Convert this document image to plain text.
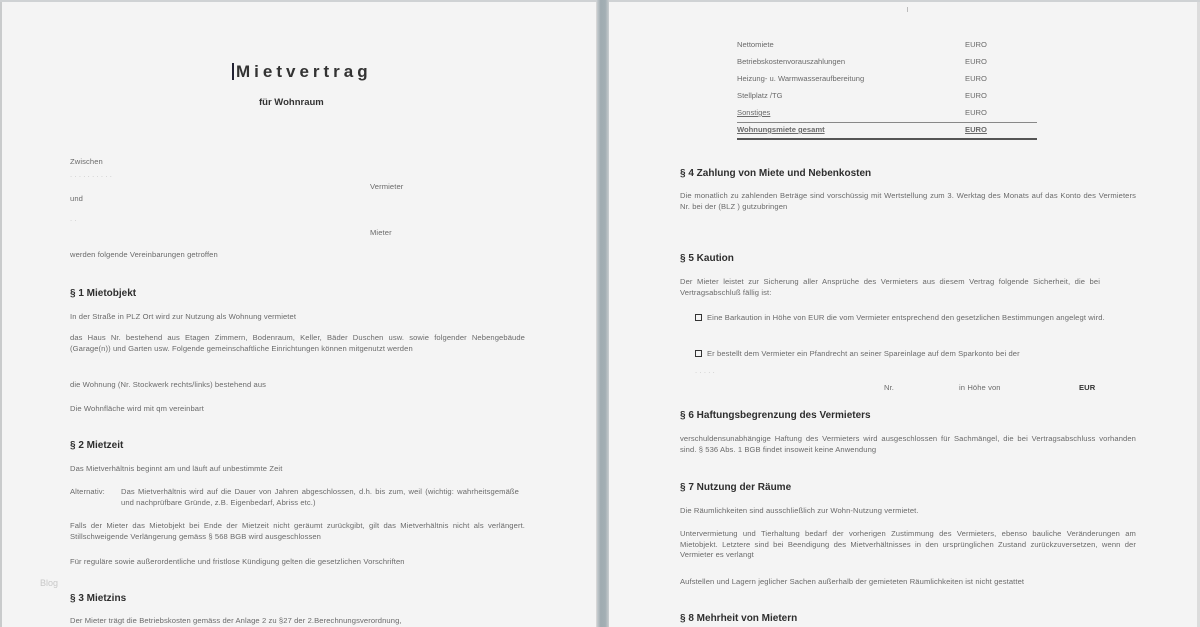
Mietvertrag
für Wohnraum
Zwischen
. . . . . . . . . .
Vermieter
und
. .
Mieter
werden folgende Vereinbarungen getroffen
§ 1 Mietobjekt
In der Straße in PLZ Ort wird zur Nutzung als Wohnung vermietet
das Haus Nr. bestehend aus Etagen Zimmern, Bodenraum, Keller, Bäder Duschen usw. sowie folgender Nebengebäude (Garage(n)) und Garten usw. Folgende gemeinschaftliche Einrichtungen können mitgenutzt werden
die Wohnung (Nr. Stockwerk rechts/links) bestehend aus
Die Wohnfläche wird mit qm vereinbart
§ 2 Mietzeit
Das Mietverhältnis beginnt am und läuft auf unbestimmte Zeit
Alternativ: Das Mietverhältnis wird auf die Dauer von Jahren abgeschlossen, d.h. bis zum, weil (wichtig: wahrheitsgemäße und nachprüfbare Gründe, z.B. Eigenbedarf, Abriss etc.)
Falls der Mieter das Mietobjekt bei Ende der Mietzeit nicht geräumt zurückgibt, gilt das Mietverhältnis nicht als verlängert. Stillschweigende Verlängerung gemäss § 568 BGB wird ausgeschlossen
Für reguläre sowie außerordentliche und fristlose Kündigung gelten die gesetzlichen Vorschriften
Blog
§ 3 Mietzins
Der Mieter trägt die Betriebskosten gemäss der Anlage 2 zu §27 der 2.Berechnungsverordnung,
Nettomiete	EURO
Betriebskostenvorauszahlungen	EURO
Heizung- u. Warmwasseraufbereitung	EURO
Stellplatz /TG	EURO
Sonstiges	EURO
Wohnungsmiete gesamt	EURO
§ 4 Zahlung von Miete und Nebenkosten
Die monatlich zu zahlenden Beträge sind vorschüssig mit Wertstellung zum 3. Werktag des Monats auf das Konto des Vermieters Nr. bei der (BLZ ) gutzubringen
§ 5 Kaution
Der Mieter leistet zur Sicherung aller Ansprüche des Vermieters aus diesem Vertrag folgende Sicherheit, die bei Vertragsabschluß fällig ist:
Eine Barkaution in Höhe von EUR die vom Vermieter entsprechend den gesetzlichen Bestimmungen angelegt wird.
Er bestellt dem Vermieter ein Pfandrecht an seiner Spareinlage auf dem Sparkonto bei der
. . . . .
Nr.	in Höhe von	EUR
§ 6 Haftungsbegrenzung des Vermieters
verschuldensunabhängige Haftung des Vermieters wird ausgeschlossen für Sachmängel, die bei Vertragsabschluss vorhanden sind. § 536 Abs. 1 BGB findet insoweit keine Anwendung
§ 7 Nutzung der Räume
Die Räumlichkeiten sind ausschließlich zur Wohn-Nutzung vermietet.
Untervermietung und Tierhaltung bedarf der vorherigen Zustimmung des Vermieters, ebenso bauliche Veränderungen am Mietobjekt. Letztere sind bei Beendigung des Mietverhältnisses in den ursprünglichen Zustand zurückzuversetzen, wenn der Vermieter es verlangt
Aufstellen und Lagern jeglicher Sachen außerhalb der gemieteten Räumlichkeiten ist nicht gestattet
§ 8 Mehrheit von Mietern
